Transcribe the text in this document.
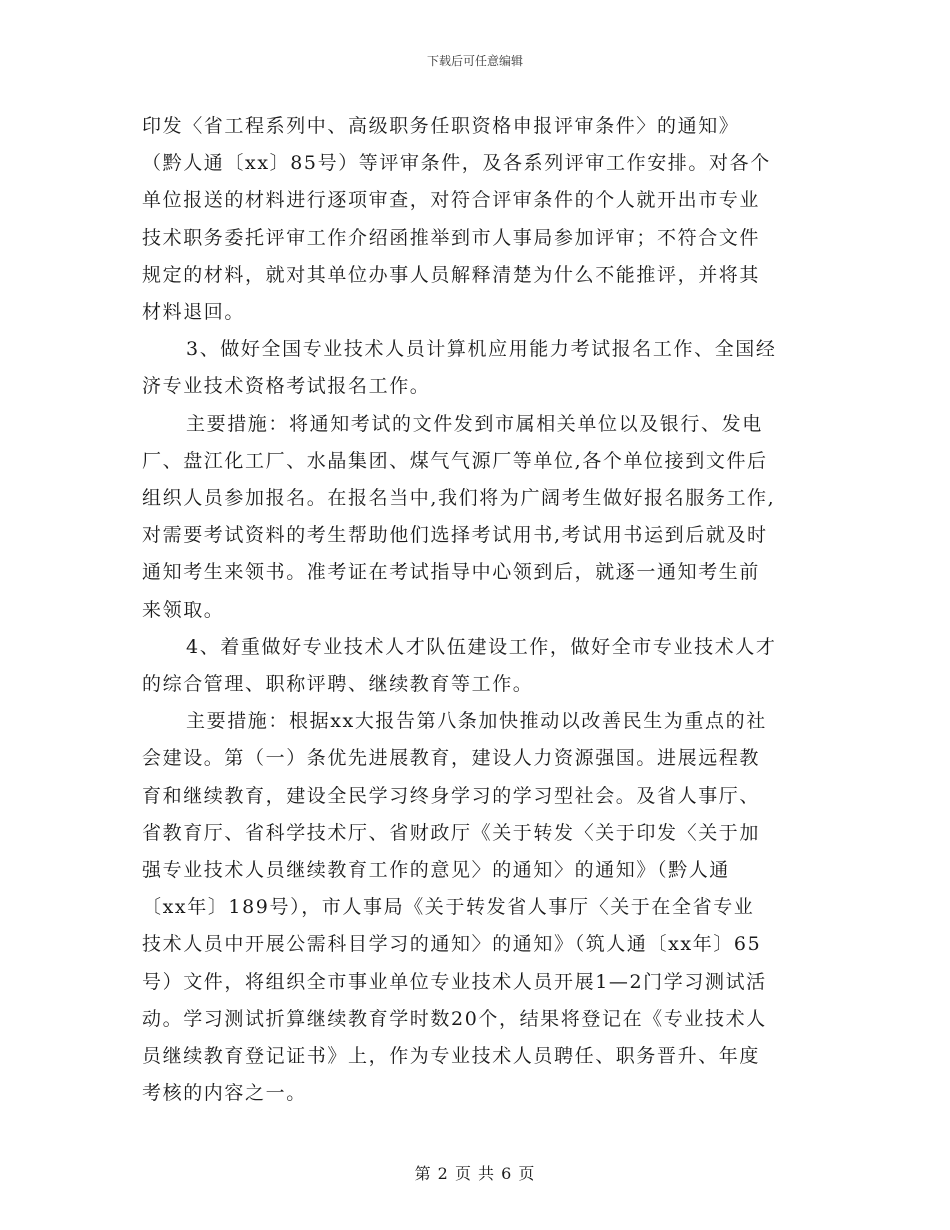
下载后可任意编辑

印发〈省工程系列中、高级职务任职资格申报评审条件〉的通知》

（黔人通〔xx〕85号）等评审条件，及各系列评审工作安排。对各个

单位报送的材料进行逐项审查，对符合评审条件的个人就开出市专业

技术职务委托评审工作介绍函推举到市人事局参加评审；不符合文件

规定的材料，就对其单位办事人员解释清楚为什么不能推评，并将其

材料退回。

3、做好全国专业技术人员计算机应用能力考试报名工作、全国经

济专业技术资格考试报名工作。

主要措施：将通知考试的文件发到市属相关单位以及银行、发电

厂、盘江化工厂、水晶集团、煤气气源厂等单位,各个单位接到文件后

组织人员参加报名。在报名当中,我们将为广阔考生做好报名服务工作,

对需要考试资料的考生帮助他们选择考试用书,考试用书运到后就及时

通知考生来领书。准考证在考试指导中心领到后，就逐一通知考生前

来领取。

4、着重做好专业技术人才队伍建设工作，做好全市专业技术人才

的综合管理、职称评聘、继续教育等工作。

主要措施：根据xx大报告第八条加快推动以改善民生为重点的社

会建设。第（一）条优先进展教育，建设人力资源强国。进展远程教

育和继续教育，建设全民学习终身学习的学习型社会。及省人事厅、

省教育厅、省科学技术厅、省财政厅《关于转发〈关于印发〈关于加

强专业技术人员继续教育工作的意见〉的通知〉的通知》（黔人通

〔xx年〕189号），市人事局《关于转发省人事厅〈关于在全省专业

技术人员中开展公需科目学习的通知〉的通知》（筑人通〔xx年〕65

号）文件，将组织全市事业单位专业技术人员开展1—2门学习测试活

动。学习测试折算继续教育学时数20个，结果将登记在《专业技术人

员继续教育登记证书》上，作为专业技术人员聘任、职务晋升、年度

考核的内容之一。

第 2 页 共 6 页
